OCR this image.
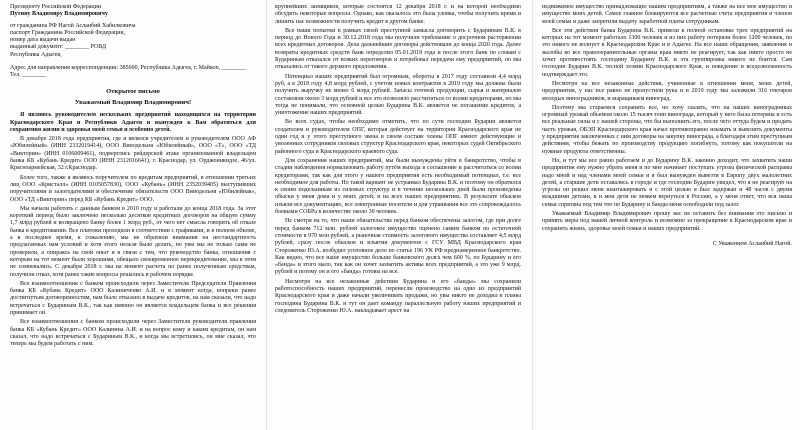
Президенту Российской Федерации
Путину Владимиру Владимировичу
от гражданина РФ Нагой Асланбий Хабилковича
паспорт Гражданина Российской Федерации,
номер дата выдачи выдан
выданный документ: ________ РОВД
Республика Адыгея,
Адрес для направления корреспонденции: 385000, Республика Адыгея, г. Майкоп, ________
Тел. ________
Открытое письмо
Уважаемый Владимир Владимирович!

Я являюсь руководителем нескольких предприятий находящихся на территории Краснодарского Края и Республики Адыгея и вынужден к Вам обратиться для сохранения жизни и здоровья моей семьи и особенно детей.

В декабре 2018 года предприятия, где я являлся учредителем и руководителем ООО АФ «Юбилейный» (ИНН 2332019414), ООО Винодельня «Юбилейный», ООО «Т», ООО «ТД «Викторин» (ИНН 0106009461), подверглись рейдерской атаке организованной владельцем банка КБ «Кубань Кредит» ООО (ИНН 2312016641), г. Краснодар, ул. Орджоникидзе, 46/ул. Красноармейская, 32 г.Краснодар.

Более того, также я являюсь поручителем по кредитам предприятий, в отношении третьих лиц ООО «Кристалл» (ИНН 0105057830), ООО «Кубань» (ИНН 2352039405) выступивших поручителями и залогодателями в обеспечение обязательств ООО Винодельня «Юбилейная», ООО «ТД «Викторин» перед КБ «Кубань Кредит» ООО.

Мы начали работать с данным банком в 2010 году и работали до конца 2018 года. За этот короткий период было заключено несколько десятков кредитных договоров на общую сумму 1,7 млрд рублей и возвращено банку более 1 млрд руб., от чего нет смысла говорить об отказе банка в кредитовании. Все платежи проходили в соответствии с графиками, и в полном объеме, а в последнее время, к сожалению, мы не обратили внимания на нестандартность предлагаемых нам условий и хотя этого нельзя было делать, но увы мы не только сами не проверили, а опираясь на свой опыт и в связи с тем, что руководство банка, отношения с которым на тот момент были хорошими, обещало своевременное перекредитование, мы в этом не сомневались. С декабря 2018 г. мы на момент расчета по ранее полученным средствам, получили отказ, хотя ранее такие вопросы решались в рабочем порядке.

Все взаимоотношения с банком происходили через Заместителя Председателя Правления банка КБ «Кубань Кредит» ООО Калиниченко А.И. и в момент когда, вопреки ранее достигнутым договоренностям, нам было отказано в выдаче кредитов, на нам сказали, что надо встречаться с Будариным В.К., так как именно он является владельцем банка и все решения принимает он.

Все взаимоотношения с банком происходили через Заместителя руководителя правления банка КБ «Кубань Кредит» ООО Калинина А.И. и на вопрос кому и каким кредитам, он нам сказал, что надо встречаться с Будариным В.К., и когда мы встретились, он мне сказал, что теперь мы будем работать с ним.

крупнейших заемщиков, которые состоятся 12 декабря 2018 г. и на которой необходимо обсудить некоторые вопросы. Однако, как оказалось это была уловка, чтобы получить время и лишить нас возможности получить кредит в другом банке.

Все наши попытки в рамках своей преступной замысла договорить с Будариным В.К. в период до Нового Года и 30.12.2018 года мы получили требование о досрочном расторжении всех кредитных договоров. Дела дальнейшие договоры действовали до конца 2020 года. Далее возвраты кредитных средств банк определил 05.01.2019 года и после этого банк по словам с Будариным отказался от всяких переговоров и потребовал передачи ему предприятий, по мы отказались от такого дерзкого предложения.

Потенциал наших предприятий был огромным, обороты в 2017 году составили 4,4 млрд руб, а в 2018 году 4,8 млрд рублей, с учетом новых контрактов в 2019 году мы должны были получить выручку не менее 6 млрд рублей. Запасы готовой продукции, сырья и материалов составляли около 3 млрд рублей и все это позволяло рассчитаться со всеми кредиторами, но мы тогда не понимали, что основной целью Бударина В.К. является не погашение кредитов, а уничтожение наших предприятий.

Во всех судах, чтобы необходимо отметить, что по сути господин Бударин является создателем и руководителем ОПГ, которая действует на территории Краснодарского края не один год и у этого преступного звена в своем составе члены ОПГ имеют действующие и уволенных сотрудников силовых структур Краснодарского края, некоторых судей Октябрьского районного суда и Краснодарского краевого суда.

Для сохранения наших предприятий, мы были вынуждены уйти в банкротство, чтобы в стадии наблюдения нормализовать работу путём выхода в соглашение и рассчитаться со всеми кредиторами, так как для этого у нашего предприятия есть необходимый потенциал, т.е. все необходимое для работы. Но такой вариант не устраивал Бударина В.К. и поэтому он обратился к своим подельникам из силовых структур и в течение нескольких дней были произведены обыски у меня дома и у моих детей, и на всех наших предприятиях. В результате обысков изъяли все документацию, все электронные носители и для утраивания все это сопровождалось боевыми СОБРа в количестве около 30 человек.

Не смотря на то, что наши обязательства перед банком обеспечены залогом, где при долге перед банком 712 млн. рублей залоговое имущество оценено самим банком по остаточной стоимости в 970 млн рублей, а рыночная стоимость залогового имущества составляет 4,5 млрд рублей, сразу после обысков и изъятия документов с ГСУ МВД Краснодарского края Стороженко Ю.А. возбудил уголовное дело по статье 196 УК РФ преднамеренное банкротство. Как видно, что все наше имущество больше банковского долга чем 600 %, по Бударину и его «банда» и этого мало, так как он хочет захватить активы всех предприятий, а это уже 9 млрд. рублей и потому он и его «банда» готовы на все.

Несмотря на все незаконные действия Бударина и его «банды» мы сохранили работоспособность наших предприятий, перенесли производство на одно из предприятий Краснодарского края и даже начали увеличивать продажи, но увы никто не доходил в планы господина Бударина В.К. и тут он дает команду параллельную работу наших предприятий и следователь Стороженко Ю.А. накладывает арест на

недвижимое имущество принадлежащее нашим предприятиям, а также на все мое имущество и имущество моих детей. Самое главное блокируются все расчетные счета предприятия и членов моей семьи и даже запретили выдачу заработной платы сотрудникам.

Все эти действия банка Бударина В.К. привели к полной остановке трех предприятий на которых на тот момент работало 1300 человек и из них работу потеряли более 1200 человек, по это никого не волнует в Краснодарском Крае и в Адыгее. На все наши обращения, заявления и жалобы во все правоохранительные органы края никто не реагирует, так как никто просто не хочет противостоять господину Бударину В.К. и эта группировка никого не боится. Сам господин Бударин В.К. тесной хозяин Краснодарского Края, и поведение и вседозволенность подтверждает это.

Несмотря на все незаконные действия, учиненные в отношении меня, моих детей, предприятия, у нас все равно не пропустили рука и в 2019 году мы заложили 316 гектаров молодых виноградников, и выращиваем виноград.

Поэтому мы стараемся сохранить все, но хочу сказать, что на наших виноградниках огромный урожай объемом около 15 тысяч тонн винограда, который у него была потеряна и есть все реальные силы и с нашей стороны, что бы выполнить его, после чего оттуда будем и продать часть урожая, ОБЭП Краснодарского края начал противоправно изымать и вывозить документы у предприятия заключенных с ним договоры на закупку винограда, а благодаря этим преступным действиям, чтобы бежать по производству продукцию погибнуть, потому как покупатели на нужные продукты ответственны.

Но, и тут мы все равно работаем и до Бударину В.К. законно доходит, что захватить наши предприятия ему нужно убрать меня и по мне начинает поступать угрозы физической расправы надо мной и над членами моей семьи и я был вынужден вывезти в Европу двух малолетних детей, а старшие дети оставались в городе и где господин Бударин увидел, что я не реагирую на угрозы он решил меня шантажировать и с этой целью я был задержан и 48 часов с двумя младшими детьми, я и мои дети не можем вернуться в Россию, а у меня ответ, что вся наша семья спрятана под тем что по Бударину и банды меня освободили под залог.

Уважаемый Владимир Владимирович прошу вас не оставить без внимания это письмо и принять меры под вашей личной контроль и возможно за прекращение в Краснодарском крае и сохранить жизнь, здоровье моей семьи и наших предприятий.

С Уважением Асланбий Нагой.
